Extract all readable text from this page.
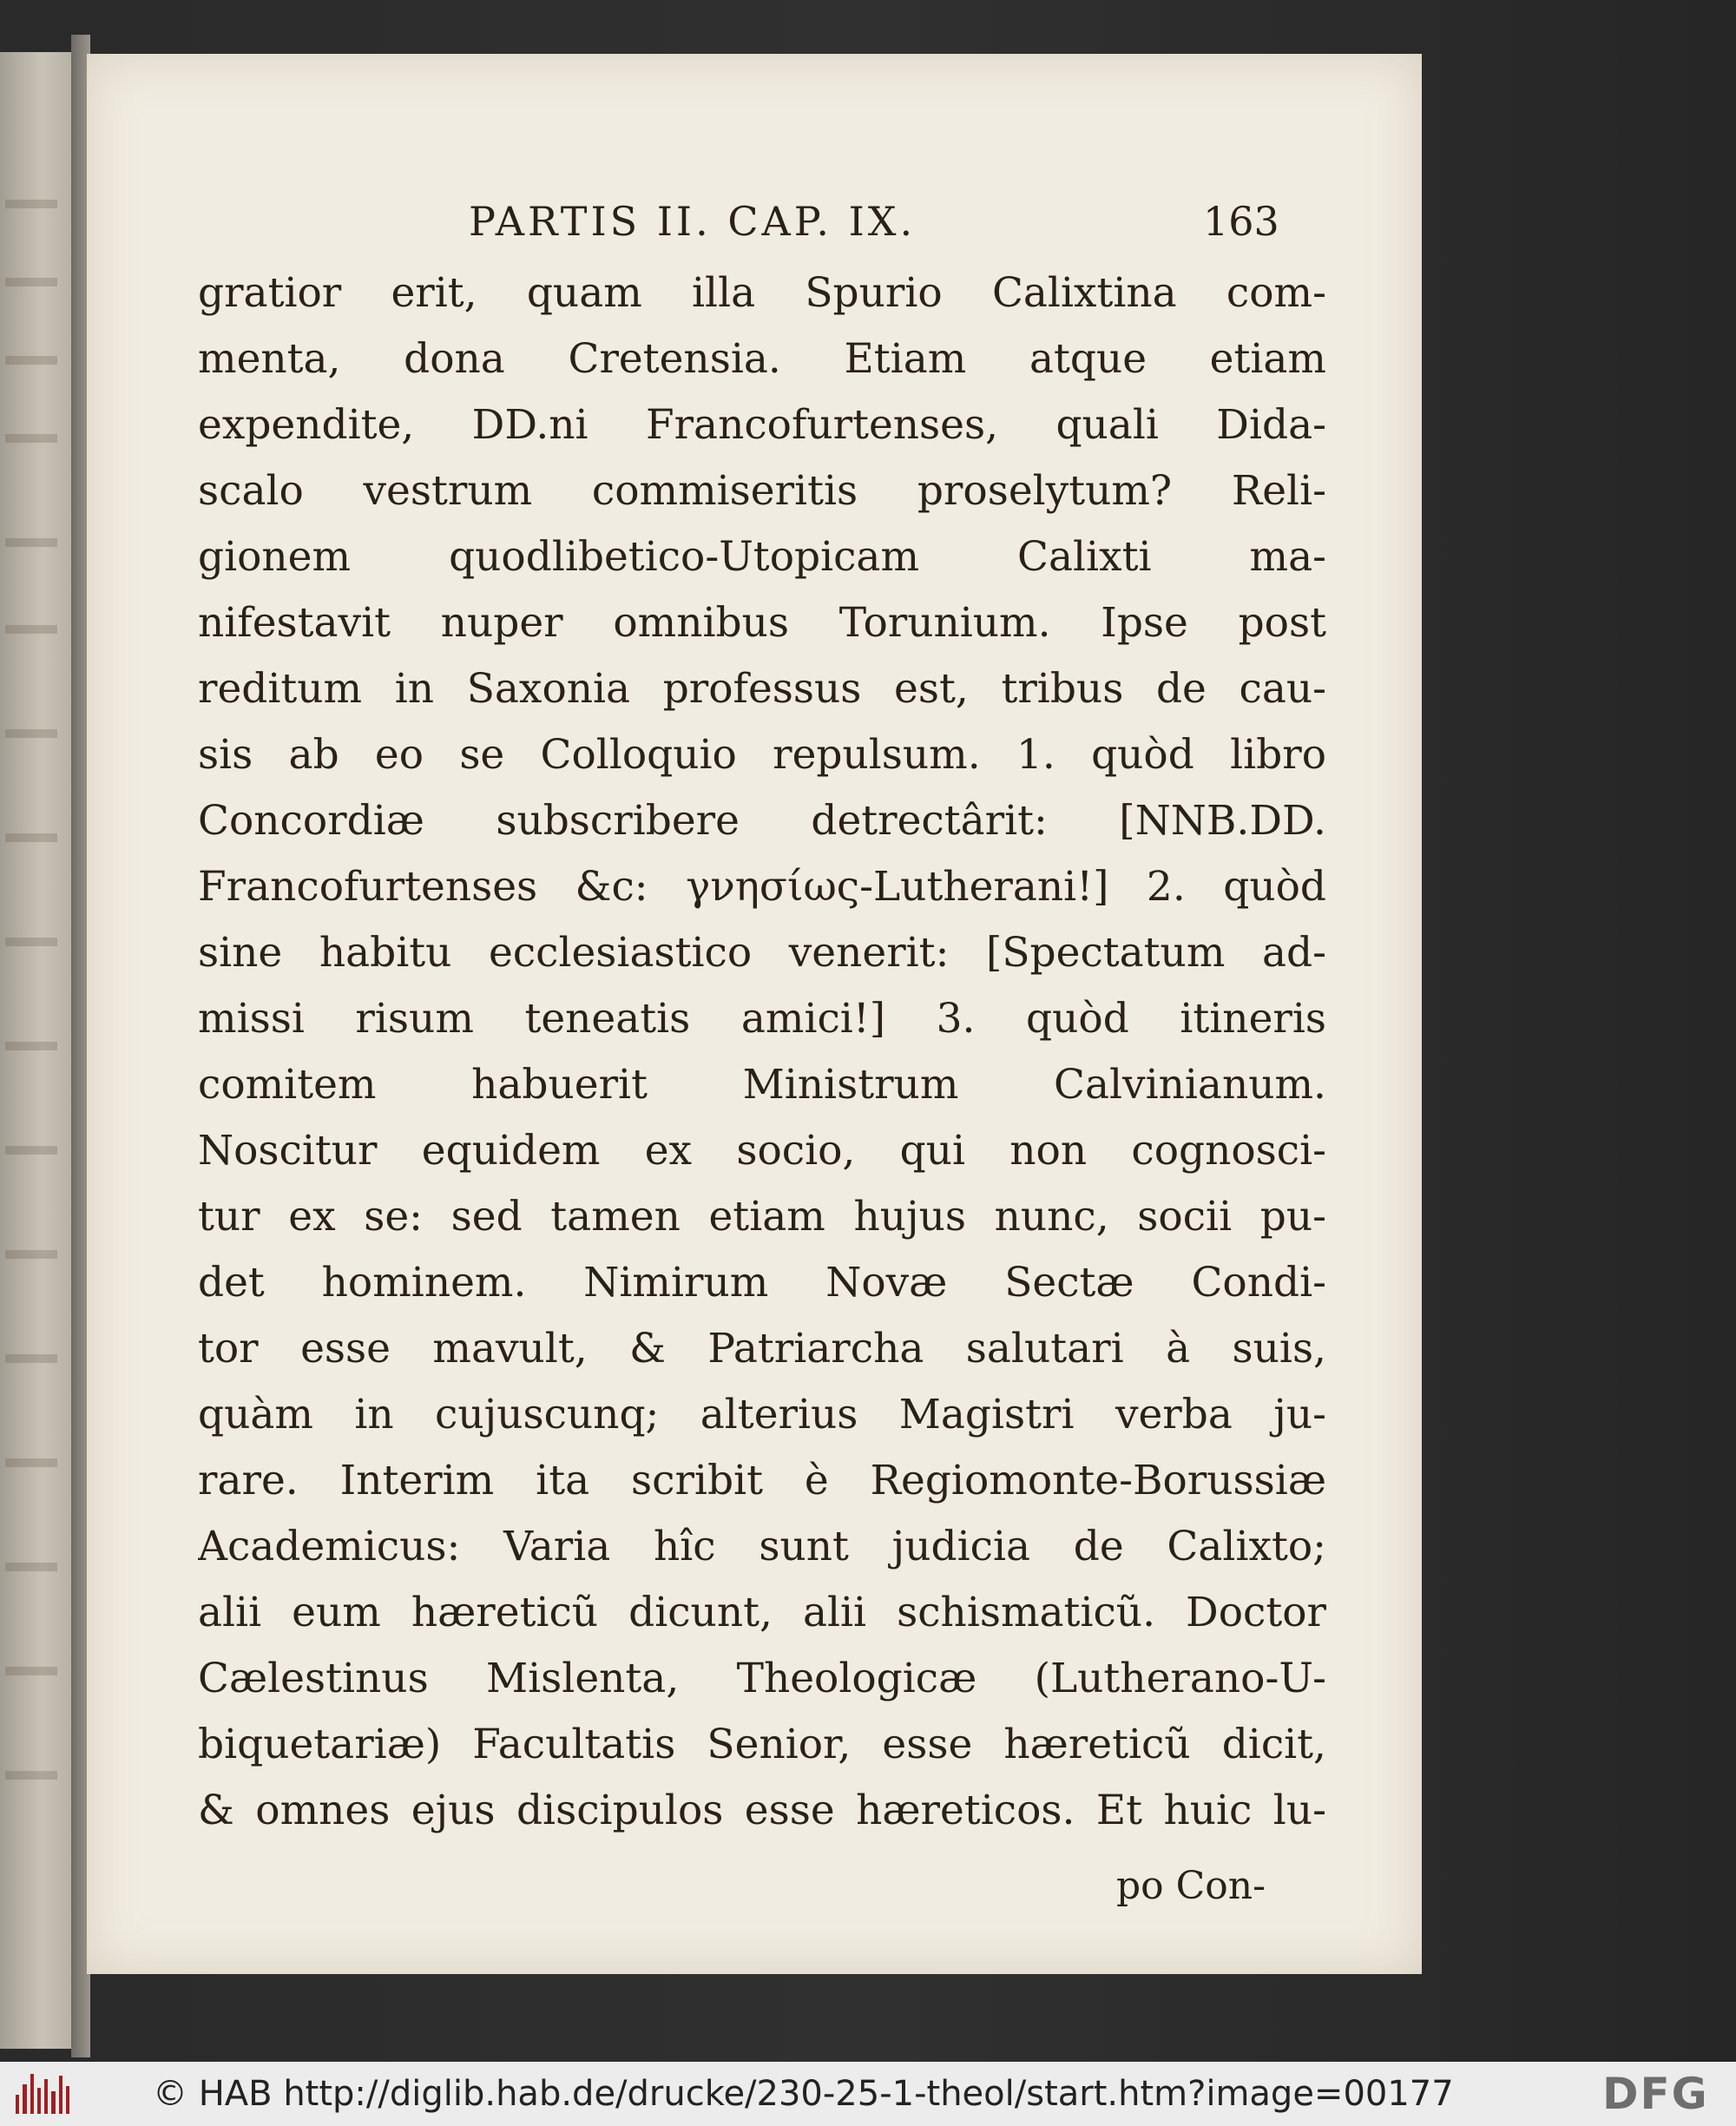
PARTIS II. CAP. IX.	163
gratior erit, quam illa Spurio Calixtina com-
menta, dona Cretensia. Etiam atque etiam
expendite, DD.ni Francofurtenses, quali Dida-
scalo vestrum commiseritis proselytum? Reli-
gionem quodlibetico-Utopicam Calixti ma-
nifestavit nuper omnibus Torunium. Ipse post
reditum in Saxonia professus est, tribus de cau-
sis ab eo se Colloquio repulsum. 1. quòd libro
Concordiæ subscribere detrectârit: [NNB.DD.
Francofurtenses &c: γνησίως-Lutherani!] 2. quòd
sine habitu ecclesiastico venerit: [Spectatum ad-
missi risum teneatis amici!] 3. quòd itineris
comitem habuerit Ministrum Calvinianum.
Noscitur equidem ex socio, qui non cognosci-
tur ex se: sed tamen etiam hujus nunc, socii pu-
det hominem. Nimirum Novæ Sectæ Condi-
tor esse mavult, & Patriarcha salutari à suis,
quàm in cujuscunq; alterius Magistri verba ju-
rare. Interim ita scribit è Regiomonte-Borussiæ
Academicus: Varia hîc sunt judicia de Calixto;
alii eum hæreticũ dicunt, alii schismaticũ. Doctor
Cælestinus Mislenta, Theologicæ (Lutherano-U-
biquetariæ) Facultatis Senior, esse hæreticũ dicit,
& omnes ejus discipulos esse hæreticos. Et huic lu-
po Con-
© HAB http://diglib.hab.de/drucke/230-25-1-theol/start.htm?image=00177	DFG
